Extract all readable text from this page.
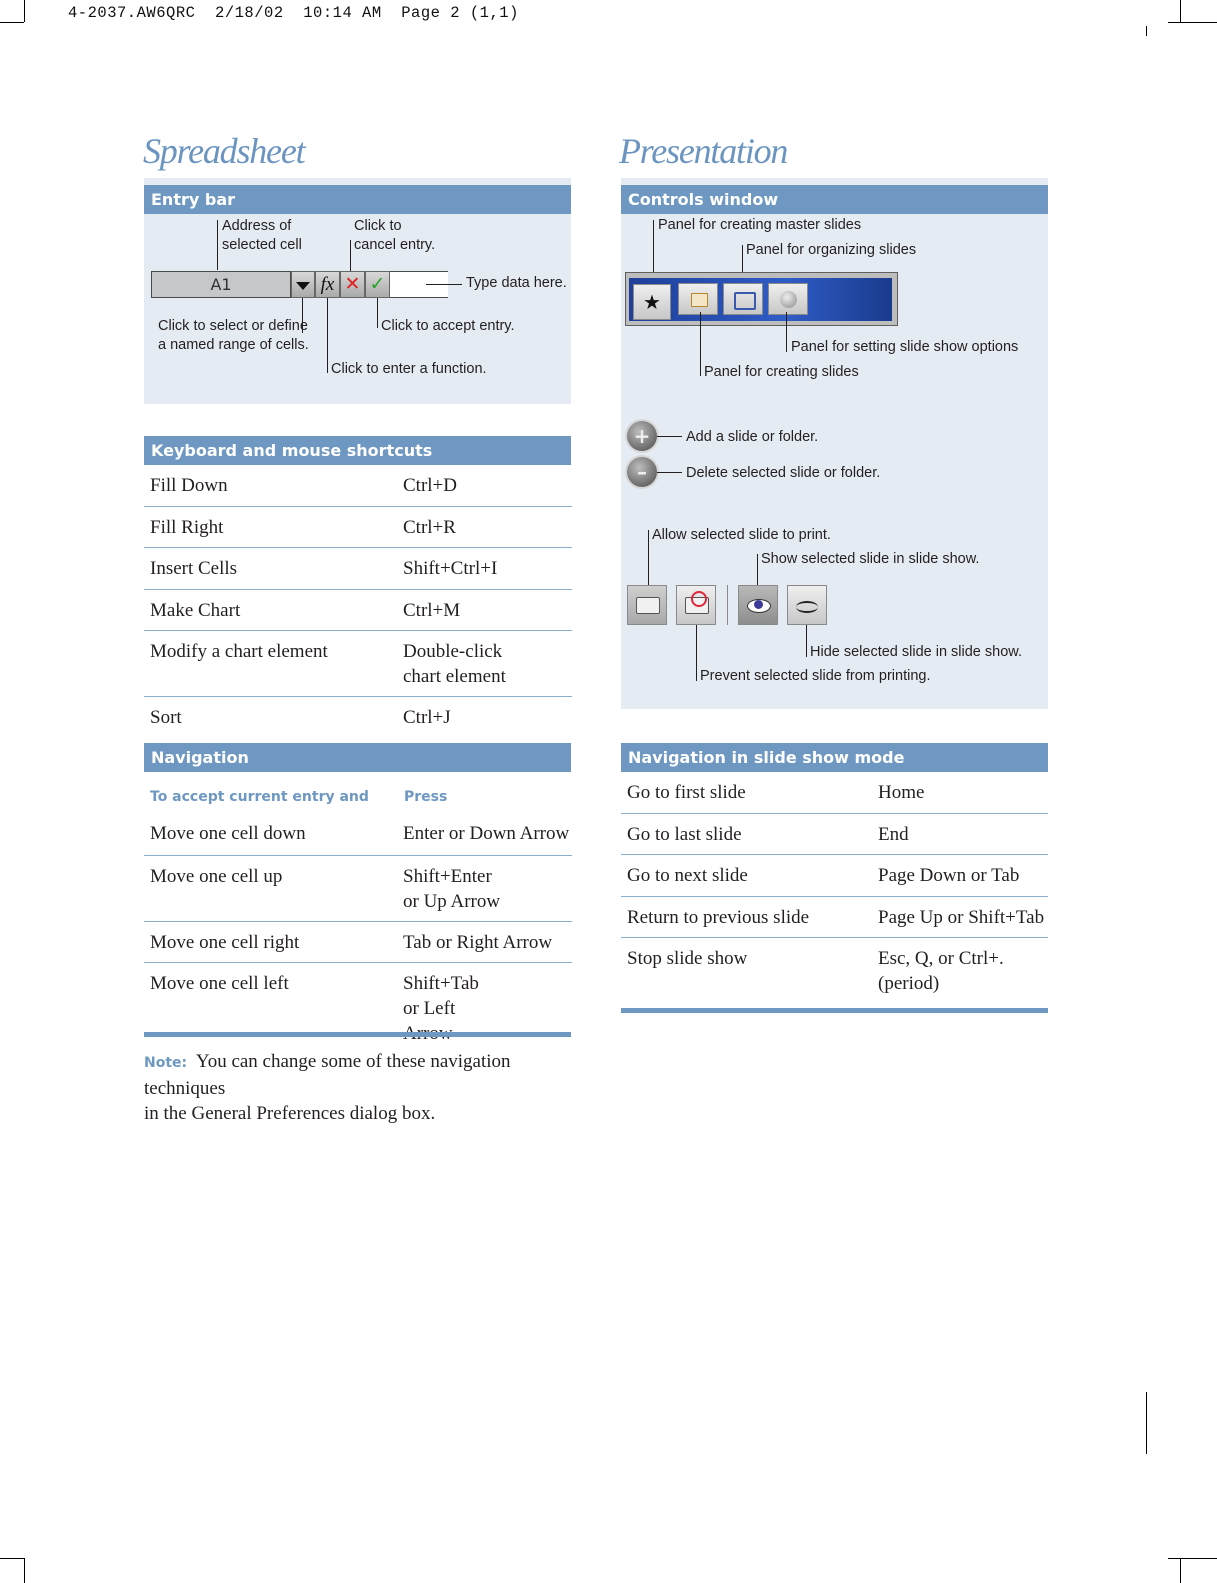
4-2037.AW6QRC  2/18/02  10:14 AM  Page 2 (1,1)
Spreadsheet
Entry bar
Address of
selected cell
Click to
cancel entry.
A1	fx ✕ ✓	Type data here.
Click to select or define
a named range of cells.
Click to accept entry.
Click to enter a function.
Keyboard and mouse shortcuts
Fill Down	Ctrl+D
Fill Right	Ctrl+R
Insert Cells	Shift+Ctrl+I
Make Chart	Ctrl+M
Modify a chart element	Double-click chart element
Sort	Ctrl+J
Navigation
To accept current entry and	Press
Move one cell down	Enter or Down Arrow
Move one cell up	Shift+Enter or Up Arrow
Move one cell right	Tab or Right Arrow
Move one cell left	Shift+Tab or Left
Note: You can change some of these navigation techniques
in the General Preferences dialog box.
Presentation
Controls window
Panel for creating master slides
Panel for organizing slides
★
Panel for setting slide show options
Panel for creating slides
+	Add a slide or folder.
–	Delete selected slide or folder.
Allow selected slide to print.
Show selected slide in slide show.
Hide selected slide in slide show.
Prevent selected slide from printing.
Navigation in slide show mode
Go to first slide	Home
Go to last slide	End
Go to next slide	Page Down or Tab
Return to previous slide	Page Up or Shift+Tab
Stop slide show	Esc, Q, or Ctrl+. (period)
